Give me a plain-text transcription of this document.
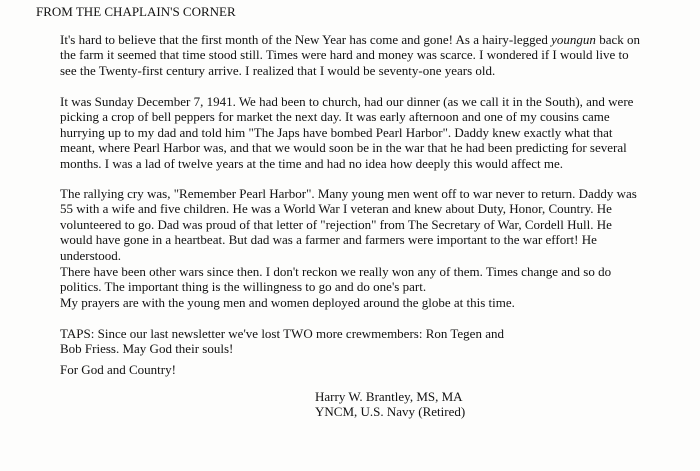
FROM THE CHAPLAIN'S CORNER
It's hard to believe that the first month of the New Year has come and gone! As a hairy-legged youngun back on
the farm it seemed that time stood still. Times were hard and money was scarce. I wondered if I would live to
see the Twenty-first century arrive. I realized that I would be seventy-one years old.
It was Sunday December 7, 1941. We had been to church, had our dinner (as we call it in the South), and were
picking a crop of bell peppers for market the next day. It was early afternoon and one of my cousins came
hurrying up to my dad and told him "The Japs have bombed Pearl Harbor". Daddy knew exactly what that
meant, where Pearl Harbor was, and that we would soon be in the war that he had been predicting for several
months. I was a lad of twelve years at the time and had no idea how deeply this would affect me.
The rallying cry was, "Remember Pearl Harbor". Many young men went off to war never to return. Daddy was
55 with a wife and five children. He was a World War I veteran and knew about Duty, Honor, Country. He
volunteered to go. Dad was proud of that letter of "rejection" from The Secretary of War, Cordell Hull. He
would have gone in a heartbeat. But dad was a farmer and farmers were important to the war effort! He
understood.
There have been other wars since then. I don't reckon we really won any of them. Times change and so do
politics. The important thing is the willingness to go and do one's part.
My prayers are with the young men and women deployed around the globe at this time.
TAPS: Since our last newsletter we've lost TWO more crewmembers: Ron Tegen and
Bob Friess. May God their souls!
For God and Country!
Harry W. Brantley, MS, MA
YNCM, U.S. Navy (Retired)
